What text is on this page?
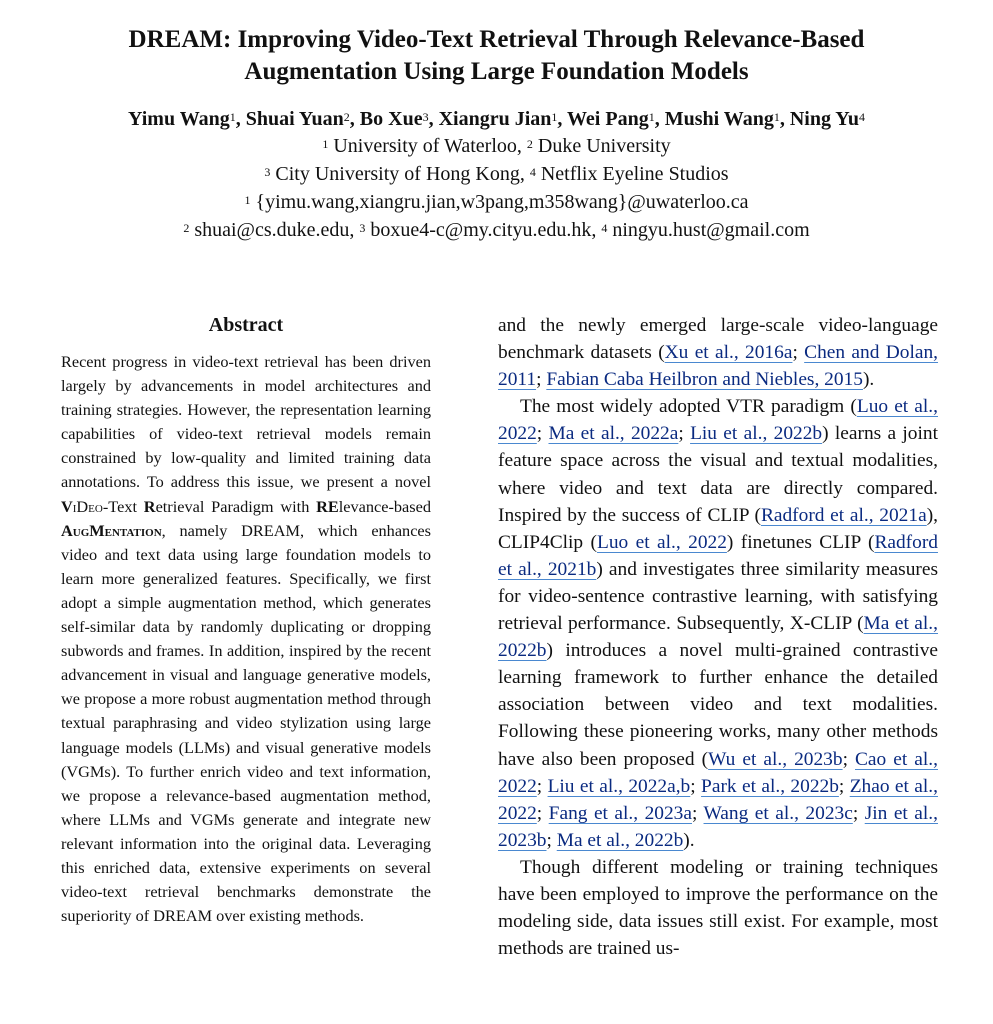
DREAM: Improving Video-Text Retrieval Through Relevance-Based
Augmentation Using Large Foundation Models
Yimu Wang$^1$, Shuai Yuan$^2$, Bo Xue$^3$, Xiangru Jian$^1$, Wei Pang$^1$, Mushi Wang$^1$, Ning Yu$^4$
$^1$ University of Waterloo, $^2$ Duke University
$^3$ City University of Hong Kong, $^4$ Netflix Eyeline Studios
$^1$ {yimu.wang,xiangru.jian,w3pang,m358wang}@uwaterloo.ca
$^2$ shuai@cs.duke.edu, $^3$ boxue4-c@my.cityu.edu.hk, $^4$ ningyu.hust@gmail.com
Abstract

Recent progress in video-text retrieval has been driven largely by advancements in model architectures and training strategies. However, the representation learning capabilities of video-text retrieval models remain constrained by low-quality and limited training data annotations. To address this issue, we present a novel ViDeo-Text Retrieval Paradigm with RElevance-based AugMentation, namely DREAM, which enhances video and text data using large foundation models to learn more generalized features. Specifically, we first adopt a simple augmentation method, which generates self-similar data by randomly duplicating or dropping subwords and frames. In addition, inspired by the recent advancement in visual and language generative models, we propose a more robust augmentation method through textual paraphrasing and video stylization using large language models (LLMs) and visual generative models (VGMs). To further enrich video and text information, we propose a relevance-based augmentation method, where LLMs and VGMs generate and integrate new relevant information into the original data. Leveraging this enriched data, extensive experiments on several video-text retrieval benchmarks demonstrate the superiority of DREAM over existing methods.

and the newly emerged large-scale video-language benchmark datasets (Xu et al., 2016a; Chen and Dolan, 2011; Fabian Caba Heilbron and Niebles, 2015).

The most widely adopted VTR paradigm (Luo et al., 2022; Ma et al., 2022a; Liu et al., 2022b) learns a joint feature space across the visual and textual modalities, where video and text data are directly compared. Inspired by the success of CLIP (Radford et al., 2021a), CLIP4Clip (Luo et al., 2022) finetunes CLIP (Radford et al., 2021b) and investigates three similarity measures for video-sentence contrastive learning, with satisfying retrieval performance. Subsequently, X-CLIP (Ma et al., 2022b) introduces a novel multi-grained contrastive learning framework to further enhance the detailed association between video and text modalities. Following these pioneering works, many other methods have also been proposed (Wu et al., 2023b; Cao et al., 2022; Liu et al., 2022a,b; Park et al., 2022b; Zhao et al., 2022; Fang et al., 2023a; Wang et al., 2023c; Jin et al., 2023b; Ma et al., 2022b).

Though different modeling or training techniques have been employed to improve the performance on the modeling side, data issues still exist. For example, most methods are trained us-
